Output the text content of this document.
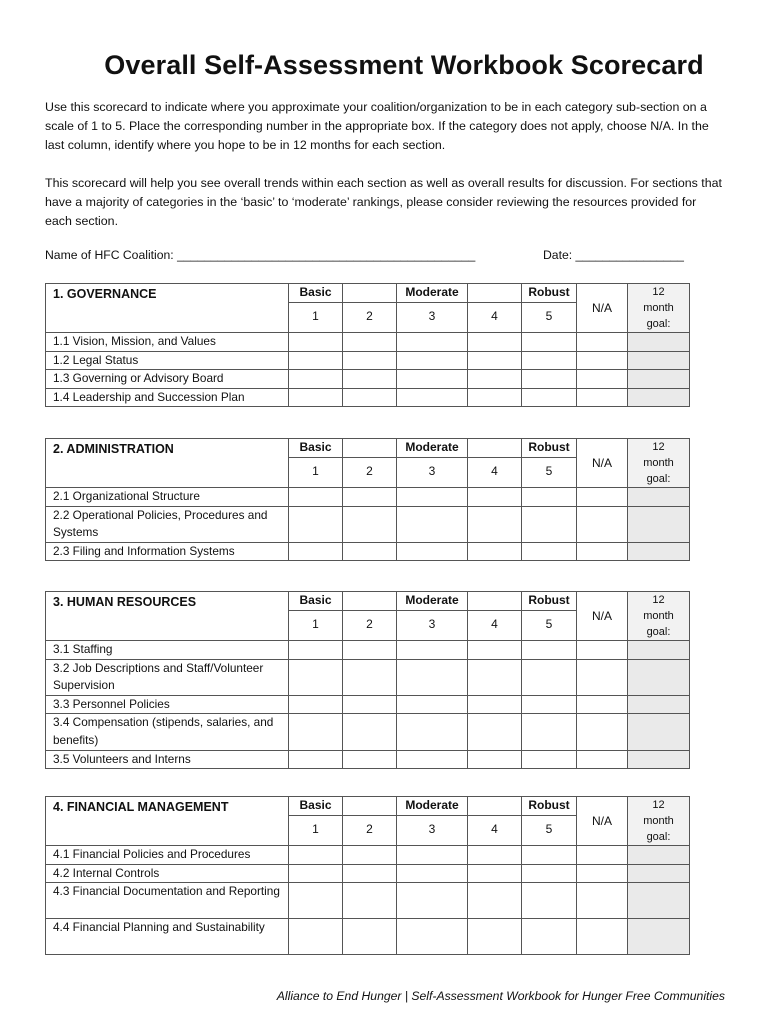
Overall Self-Assessment Workbook Scorecard
Use this scorecard to indicate where you approximate your coalition/organization to be in each category sub-section on a scale of 1 to 5. Place the corresponding number in the appropriate box. If the category does not apply, choose N/A. In the last column, identify where you hope to be in 12 months for each section.
This scorecard will help you see overall trends within each section as well as overall results for discussion. For sections that have a majority of categories in the ‘basic’ to ‘moderate’ rankings, please consider reviewing the resources provided for each section.
Name of HFC Coalition: ____________________________________________	Date: ________________
1. GOVERNANCE	Basic		Moderate		Robust	N/A	12
month
goal:
	1	2	3	4	5		
1.1 Vision, Mission, and Values							
1.2 Legal Status							
1.3 Governing or Advisory Board							
1.4 Leadership and Succession Plan							
2. ADMINISTRATION	Basic		Moderate		Robust	N/A	12
month
goal:
	1	2	3	4	5		
2.1 Organizational Structure							
2.2 Operational Policies, Procedures and Systems							
2.3 Filing and Information Systems							
3. HUMAN RESOURCES	Basic		Moderate		Robust	N/A	12
month
goal:
	1	2	3	4	5		
3.1 Staffing							
3.2 Job Descriptions and Staff/Volunteer Supervision							
3.3 Personnel Policies							
3.4 Compensation (stipends, salaries, and benefits)							
3.5 Volunteers and Interns							
4. FINANCIAL MANAGEMENT	Basic		Moderate		Robust	N/A	12
month
goal:
	1	2	3	4	5		
4.1 Financial Policies and Procedures							
4.2 Internal Controls							
4.3 Financial Documentation and Reporting							
4.4 Financial Planning and Sustainability							
Alliance to End Hunger | Self-Assessment Workbook for Hunger Free Communities
